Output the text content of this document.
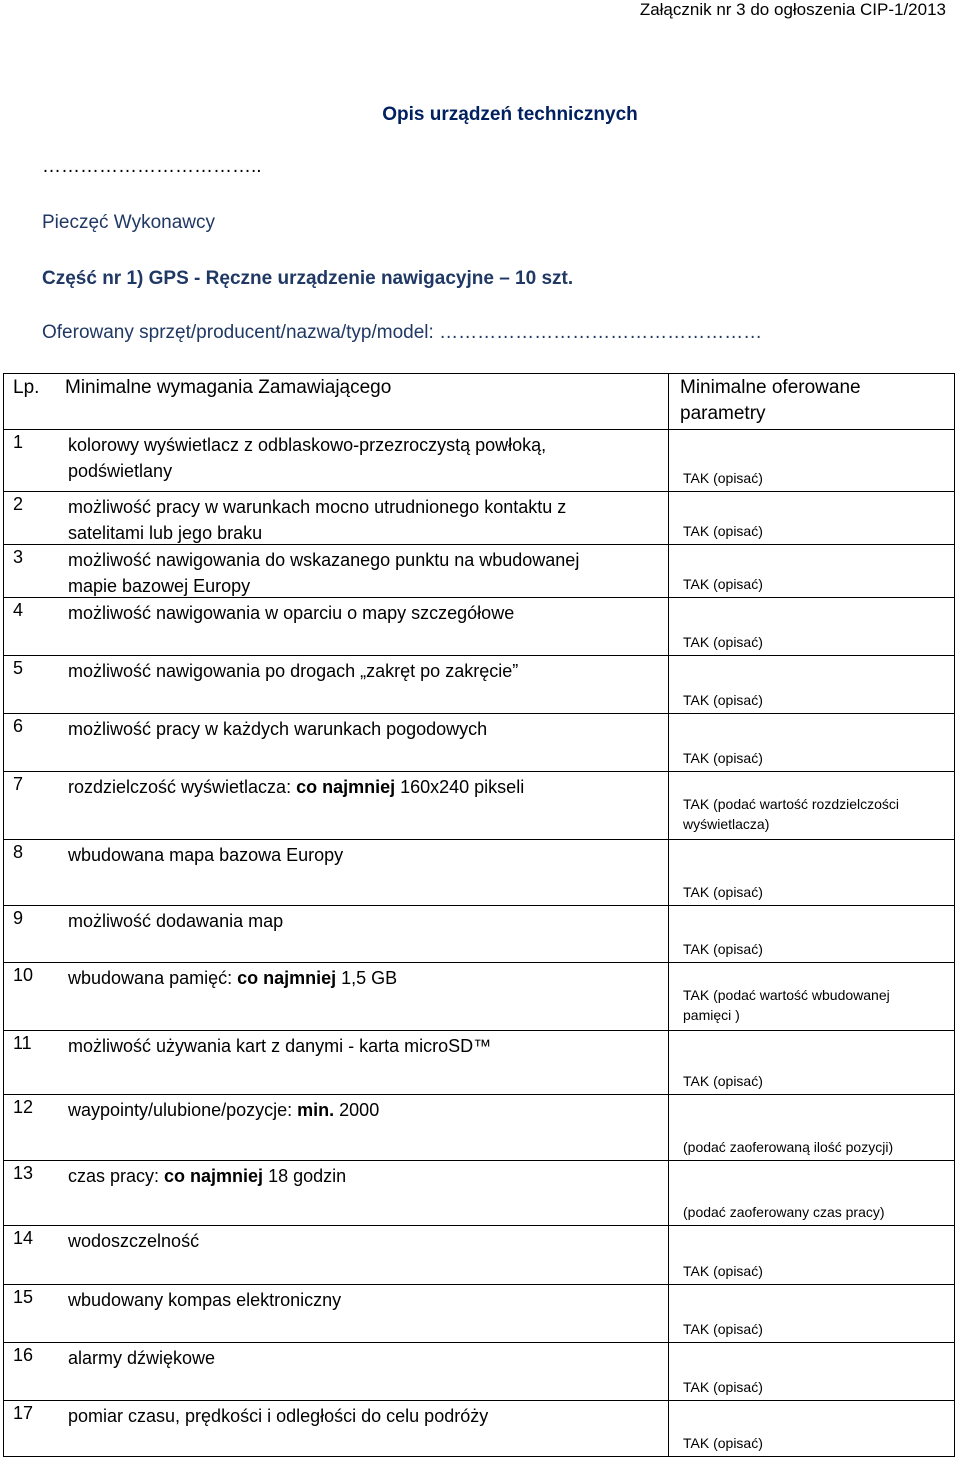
Załącznik nr 3 do ogłoszenia CIP-1/2013
Opis urządzeń technicznych
……………………………..
Pieczęć Wykonawcy
Część nr 1) GPS - Ręczne urządzenie nawigacyjne – 10 szt.
Oferowany sprzęt/producent/nazwa/typ/model: ……………………………………………
Lp. Minimalne wymagania Zamawiającego	Minimalne oferowane
parametry
1 kolorowy wyświetlacz z odblaskowo-przezroczystą powłoką,
podświetlany	TAK (opisać)
2 możliwość pracy w warunkach mocno utrudnionego kontaktu z
satelitami lub jego braku	TAK (opisać)
3 możliwość nawigowania do wskazanego punktu na wbudowanej
mapie bazowej Europy	TAK (opisać)
4 możliwość nawigowania w oparciu o mapy szczegółowe
TAK (opisać)
5 możliwość nawigowania po drogach „zakręt po zakręcie”
TAK (opisać)
6 możliwość pracy w każdych warunkach pogodowych
TAK (opisać)
7 rozdzielczość wyświetlacza: co najmniej 160x240 pikseli
TAK (podać wartość rozdzielczości
wyświetlacza)
8 wbudowana mapa bazowa Europy
TAK (opisać)
9 możliwość dodawania map
TAK (opisać)
10 wbudowana pamięć: co najmniej 1,5 GB
TAK (podać wartość wbudowanej
pamięci )
11 możliwość używania kart z danymi - karta microSD™
TAK (opisać)
12 waypointy/ulubione/pozycje: min. 2000
(podać zaoferowaną ilość pozycji)
13 czas pracy: co najmniej 18 godzin
(podać zaoferowany czas pracy)
14 wodoszczelność
TAK (opisać)
15 wbudowany kompas elektroniczny
TAK (opisać)
16 alarmy dźwiękowe
TAK (opisać)
17 pomiar czasu, prędkości i odległości do celu podróży
TAK (opisać)
